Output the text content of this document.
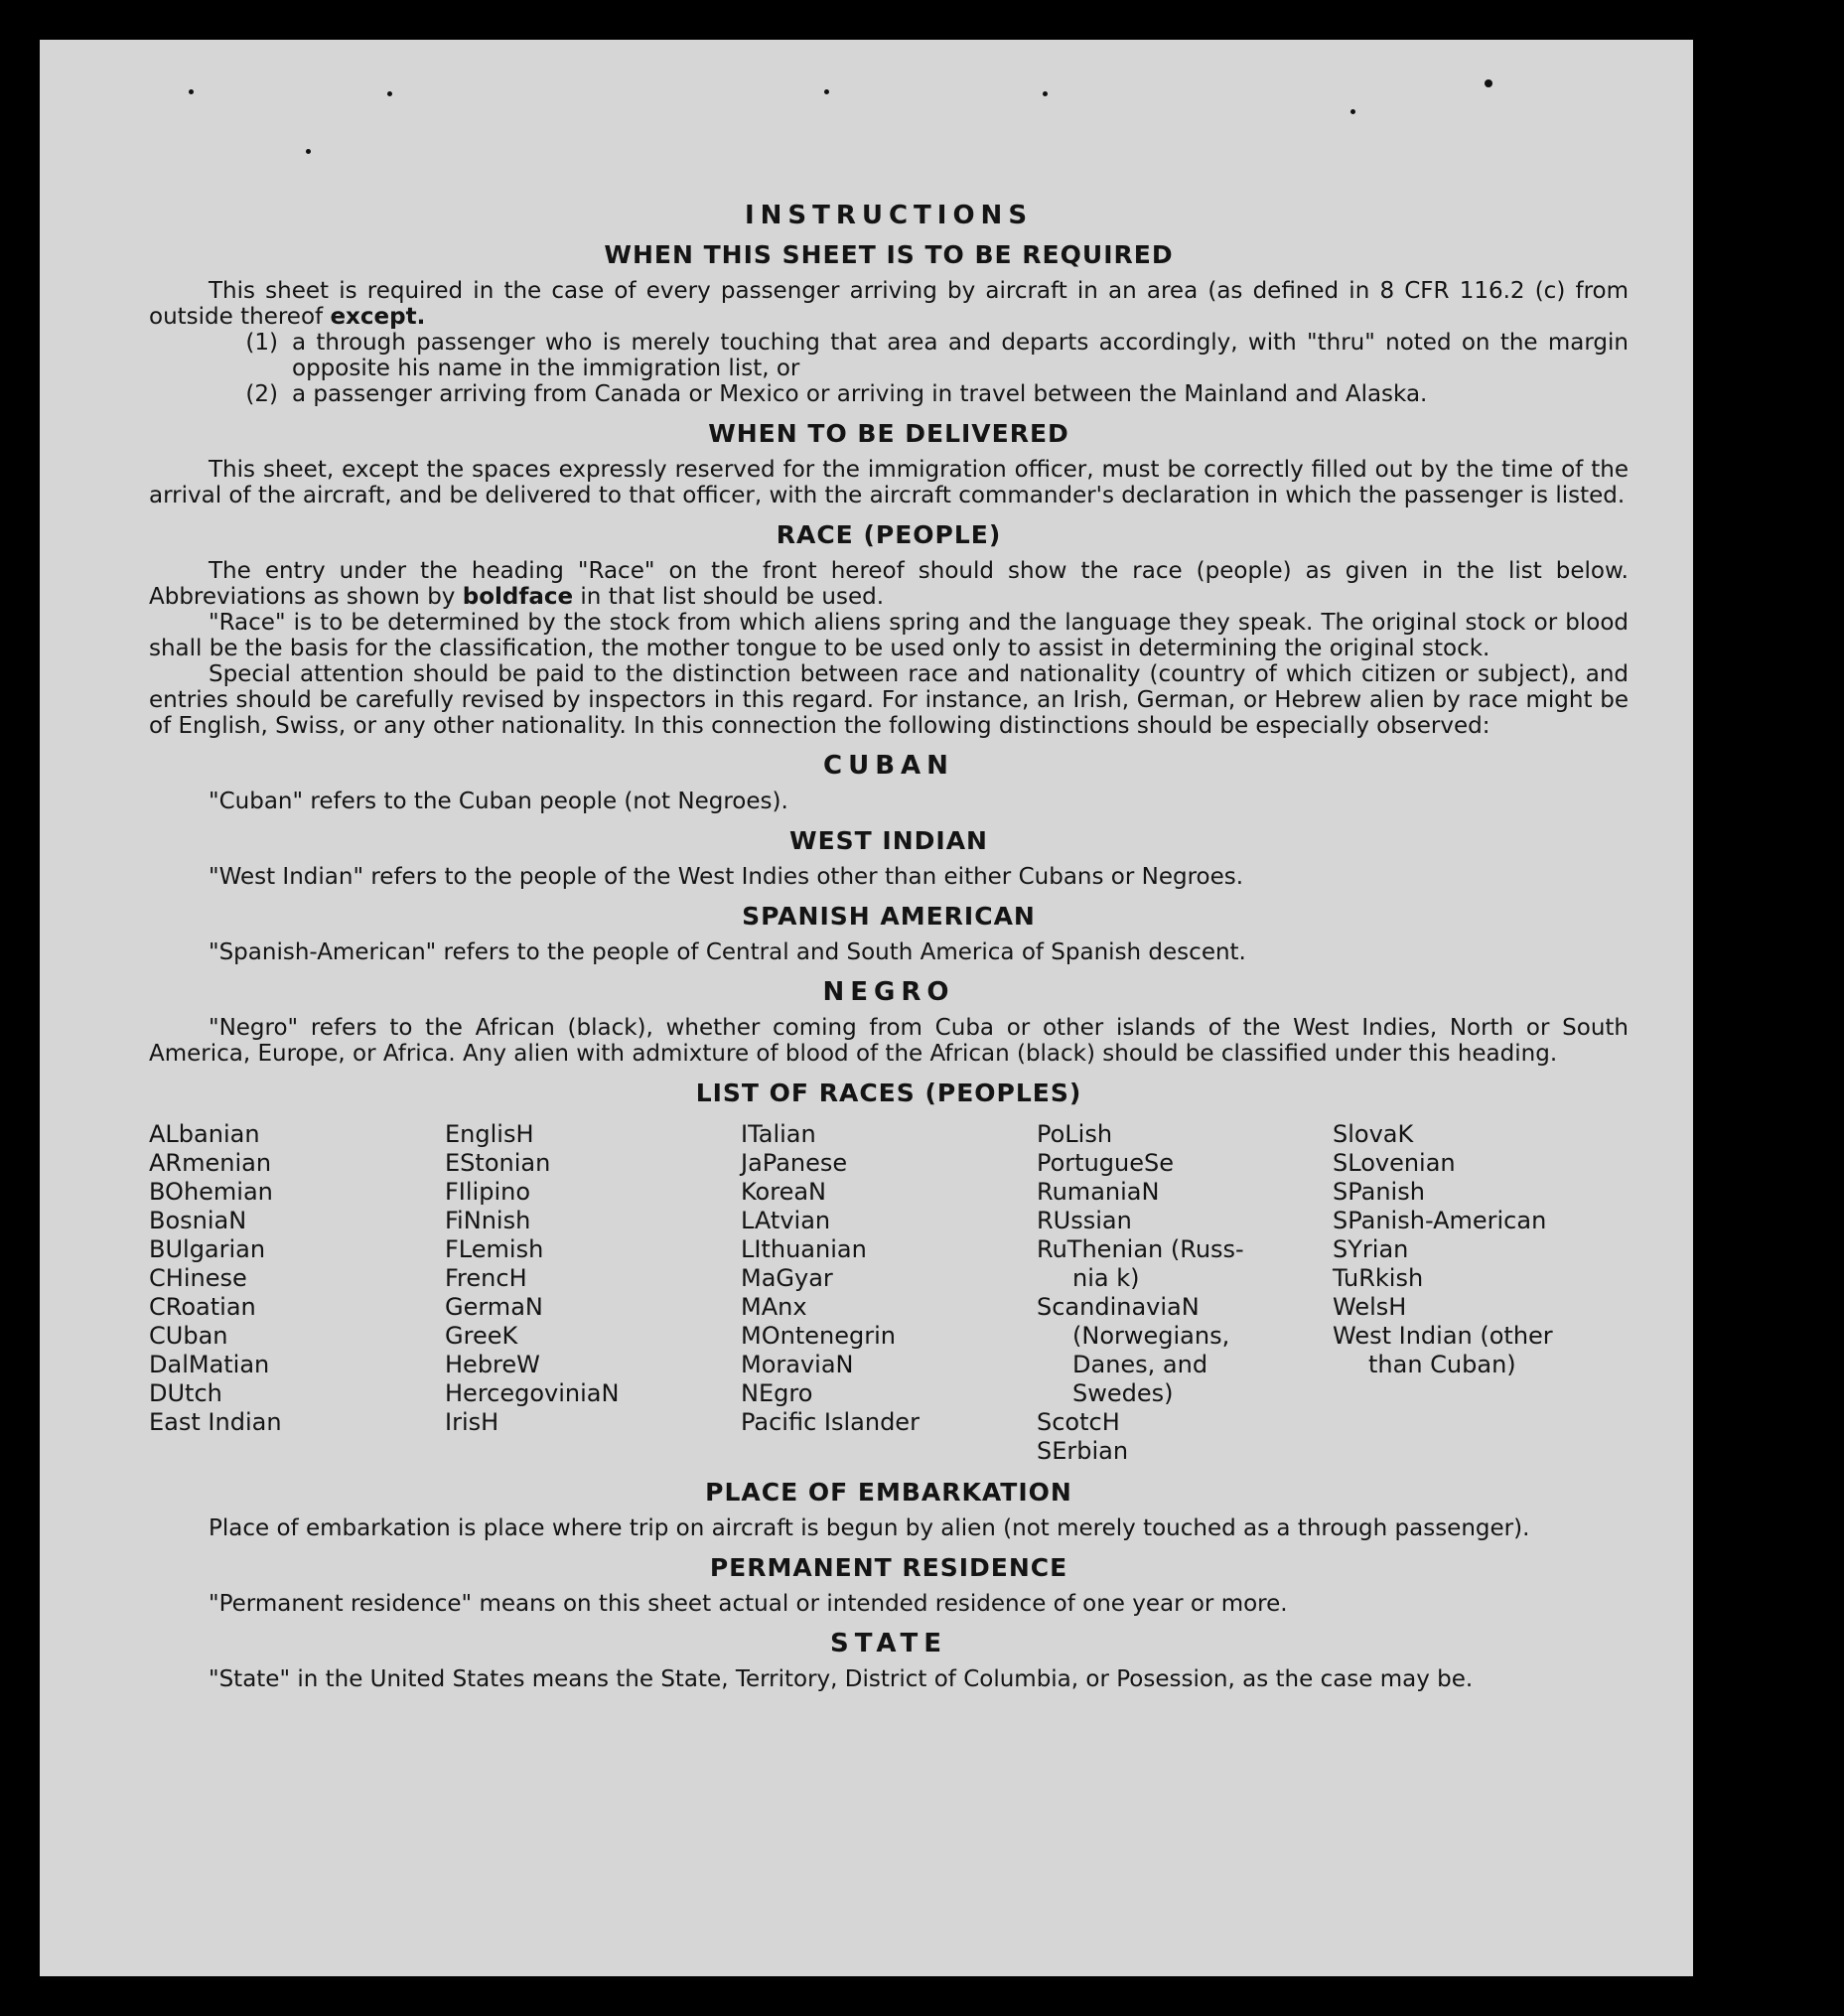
INSTRUCTIONS
WHEN THIS SHEET IS TO BE REQUIRED

This sheet is required in the case of every passenger arriving by aircraft in an area (as defined in 8 CFR 116.2 (c) from outside thereof except.

(1) a through passenger who is merely touching that area and departs accordingly, with "thru" noted on the margin opposite his name in the immigration list, or
(2) a passenger arriving from Canada or Mexico or arriving in travel between the Mainland and Alaska.
WHEN TO BE DELIVERED

This sheet, except the spaces expressly reserved for the immigration officer, must be correctly filled out by the time of the arrival of the aircraft, and be delivered to that officer, with the aircraft commander's declaration in which the passenger is listed.

RACE (PEOPLE)

The entry under the heading "Race" on the front hereof should show the race (people) as given in the list below. Abbreviations as shown by boldface in that list should be used.

"Race" is to be determined by the stock from which aliens spring and the language they speak. The original stock or blood shall be the basis for the classification, the mother tongue to be used only to assist in determining the original stock.

Special attention should be paid to the distinction between race and nationality (country of which citizen or subject), and entries should be carefully revised by inspectors in this regard. For instance, an Irish, German, or Hebrew alien by race might be of English, Swiss, or any other nationality. In this connection the following distinctions should be especially observed:

CUBAN

"Cuban" refers to the Cuban people (not Negroes).

WEST INDIAN

"West Indian" refers to the people of the West Indies other than either Cubans or Negroes.

SPANISH AMERICAN

"Spanish-American" refers to the people of Central and South America of Spanish descent.

NEGRO

"Negro" refers to the African (black), whether coming from Cuba or other islands of the West Indies, North or South America, Europe, or Africa. Any alien with admixture of blood of the African (black) should be classified under this heading.

LIST OF RACES (PEOPLES)
ALbanian
ARmenian
BOhemian
BosniaN
BUlgarian
CHinese
CRoatian
CUban
DalMatian
DUtch
East Indian
EnglisH
EStonian
FIlipino
FiNnish
FLemish
FrencH
GermaN
GreeK
HebreW
HercegoviniaN
IrisH
ITalian
JaPanese
KoreaN
LAtvian
LIthuanian
MaGyar
MAnx
MOntenegrin
MoraviaN
NEgro
Pacific Islander
PoLish
PortugueSe
RumaniaN
RUssian
RuThenian (Russ-
nia k)
ScandinaviaN
(Norwegians,
Danes, and
Swedes)
ScotcH
SErbian
SlovaK
SLovenian
SPanish
SPanish-American
SYrian
TuRkish
WelsH
West Indian (other
than Cuban)
PLACE OF EMBARKATION

Place of embarkation is place where trip on aircraft is begun by alien (not merely touched as a through passenger).

PERMANENT RESIDENCE

"Permanent residence" means on this sheet actual or intended residence of one year or more.

STATE

"State" in the United States means the State, Territory, District of Columbia, or Posession, as the case may be.
